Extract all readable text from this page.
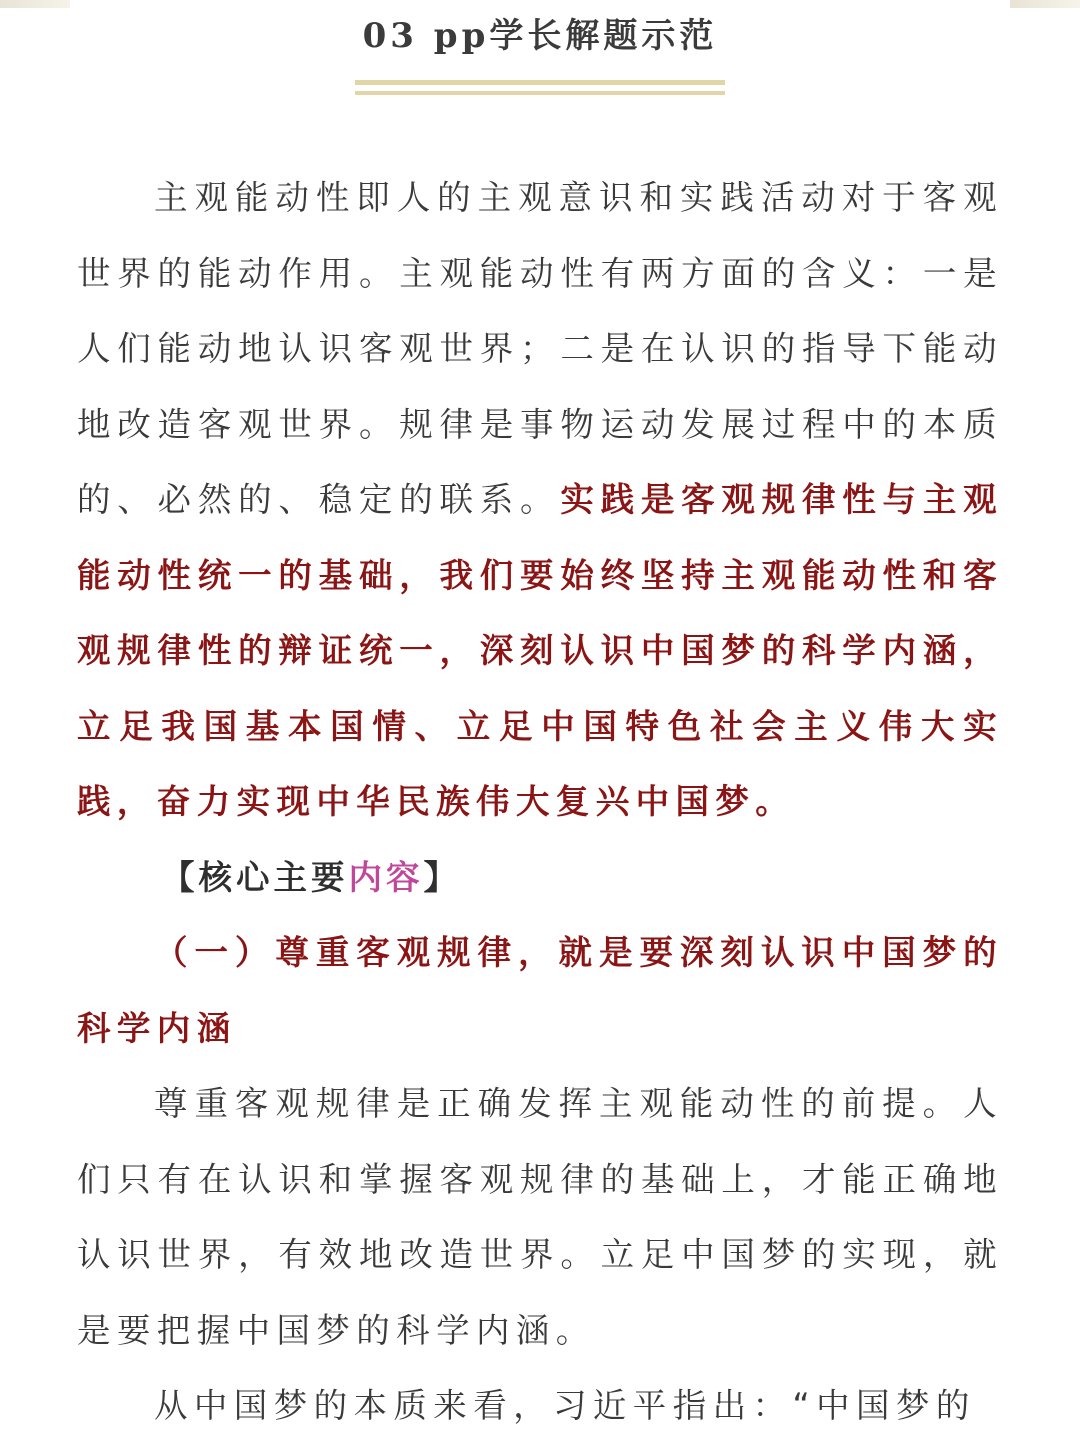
03 pp学长解题示范

主观能动性即人的主观意识和实践活动对于客观世界的能动作用。主观能动性有两方面的含义：一是人们能动地认识客观世界；二是在认识的指导下能动地改造客观世界。规律是事物运动发展过程中的本质的、必然的、稳定的联系。实践是客观规律性与主观能动性统一的基础，我们要始终坚持主观能动性和客观规律性的辩证统一，深刻认识中国梦的科学内涵，立足我国基本国情、立足中国特色社会主义伟大实践，奋力实现中华民族伟大复兴中国梦。

【核心主要内容】

（一）尊重客观规律，就是要深刻认识中国梦的科学内涵

尊重客观规律是正确发挥主观能动性的前提。人们只有在认识和掌握客观规律的基础上，才能正确地认识世界，有效地改造世界。立足中国梦的实现，就是要把握中国梦的科学内涵。

从中国梦的本质来看，习近平指出：“中国梦的
